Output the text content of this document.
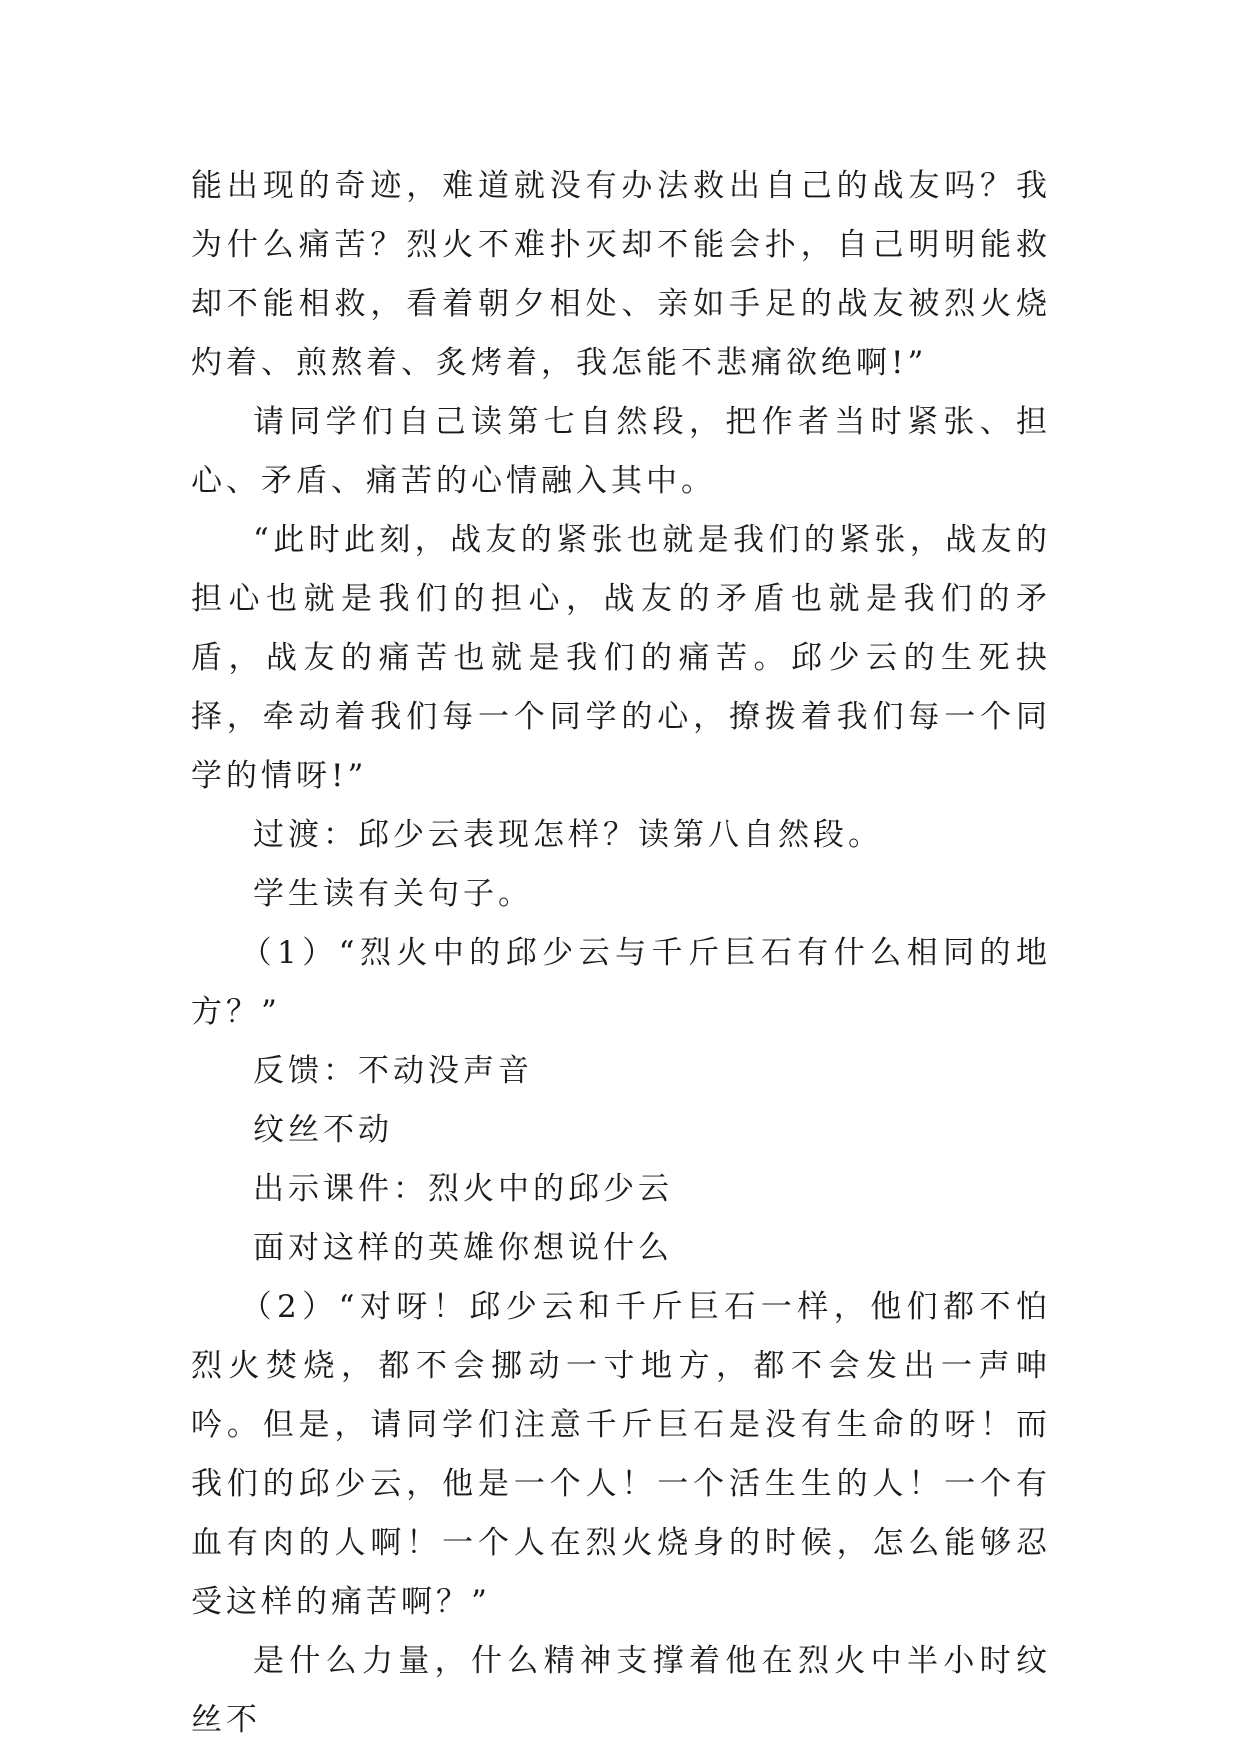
能出现的奇迹，难道就没有办法救出自己的战友吗？我为什么痛苦？烈火不难扑灭却不能会扑，自己明明能救却不能相救，看着朝夕相处、亲如手足的战友被烈火烧灼着、煎熬着、炙烤着，我怎能不悲痛欲绝啊!”

请同学们自己读第七自然段，把作者当时紧张、担心、矛盾、痛苦的心情融入其中。

“此时此刻，战友的紧张也就是我们的紧张，战友的担心也就是我们的担心，战友的矛盾也就是我们的矛盾，战友的痛苦也就是我们的痛苦。邱少云的生死抉择，牵动着我们每一个同学的心，撩拨着我们每一个同学的情呀!”

过渡：邱少云表现怎样？读第八自然段。

学生读有关句子。

（1）“烈火中的邱少云与千斤巨石有什么相同的地方？”

反馈：不动没声音

纹丝不动

出示课件：烈火中的邱少云

面对这样的英雄你想说什么

（2）“对呀！邱少云和千斤巨石一样，他们都不怕烈火焚烧，都不会挪动一寸地方，都不会发出一声呻吟。但是，请同学们注意千斤巨石是没有生命的呀！而我们的邱少云，他是一个人！一个活生生的人！一个有血有肉的人啊！一个人在烈火烧身的时候，怎么能够忍受这样的痛苦啊？”

是什么力量，什么精神支撑着他在烈火中半小时纹丝不
